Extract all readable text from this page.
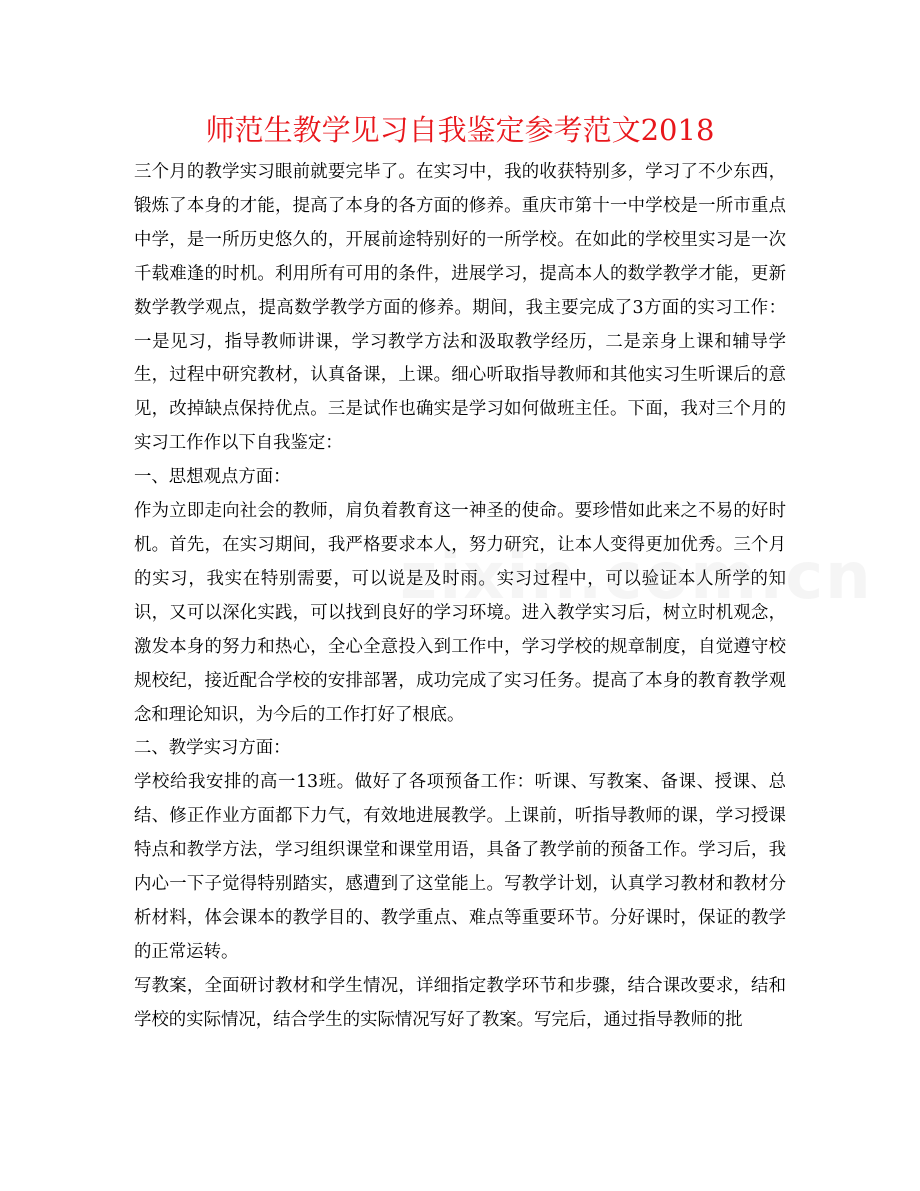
师范生教学见习自我鉴定参考范文2018

三个月的教学实习眼前就要完毕了。在实习中，我的收获特别多，学习了不少东西，锻炼了本身的才能，提高了本身的各方面的修养。重庆市第十一中学校是一所市重点中学，是一所历史悠久的，开展前途特别好的一所学校。在如此的学校里实习是一次千载难逢的时机。利用所有可用的条件，进展学习，提高本人的数学教学才能，更新数学教学观点，提高数学教学方面的修养。期间，我主要完成了3方面的实习工作：一是见习，指导教师讲课，学习教学方法和汲取教学经历，二是亲身上课和辅导学生，过程中研究教材，认真备课，上课。细心听取指导教师和其他实习生听课后的意见，改掉缺点保持优点。三是试作也确实是学习如何做班主任。下面，我对三个月的实习工作作以下自我鉴定：

一、思想观点方面：

作为立即走向社会的教师，肩负着教育这一神圣的使命。要珍惜如此来之不易的好时机。首先，在实习期间，我严格要求本人，努力研究，让本人变得更加优秀。三个月的实习，我实在特别需要，可以说是及时雨。实习过程中，可以验证本人所学的知识，又可以深化实践，可以找到良好的学习环境。进入教学实习后，树立时机观念，激发本身的努力和热心，全心全意投入到工作中，学习学校的规章制度，自觉遵守校规校纪，接近配合学校的安排部署，成功完成了实习任务。提高了本身的教育教学观念和理论知识，为今后的工作打好了根底。

二、教学实习方面：

学校给我安排的高一13班。做好了各项预备工作：听课、写教案、备课、授课、总结、修正作业方面都下力气，有效地进展教学。上课前，听指导教师的课，学习授课特点和教学方法，学习组织课堂和课堂用语，具备了教学前的预备工作。学习后，我内心一下子觉得特别踏实，感遭到了这堂能上。写教学计划，认真学习教材和教材分析材料，体会课本的教学目的、教学重点、难点等重要环节。分好课时，保证的教学的正常运转。

写教案，全面研讨教材和学生情况，详细指定教学环节和步骤，结合课改要求，结和学校的实际情况，结合学生的实际情况写好了教案。写完后，通过指导教师的批
